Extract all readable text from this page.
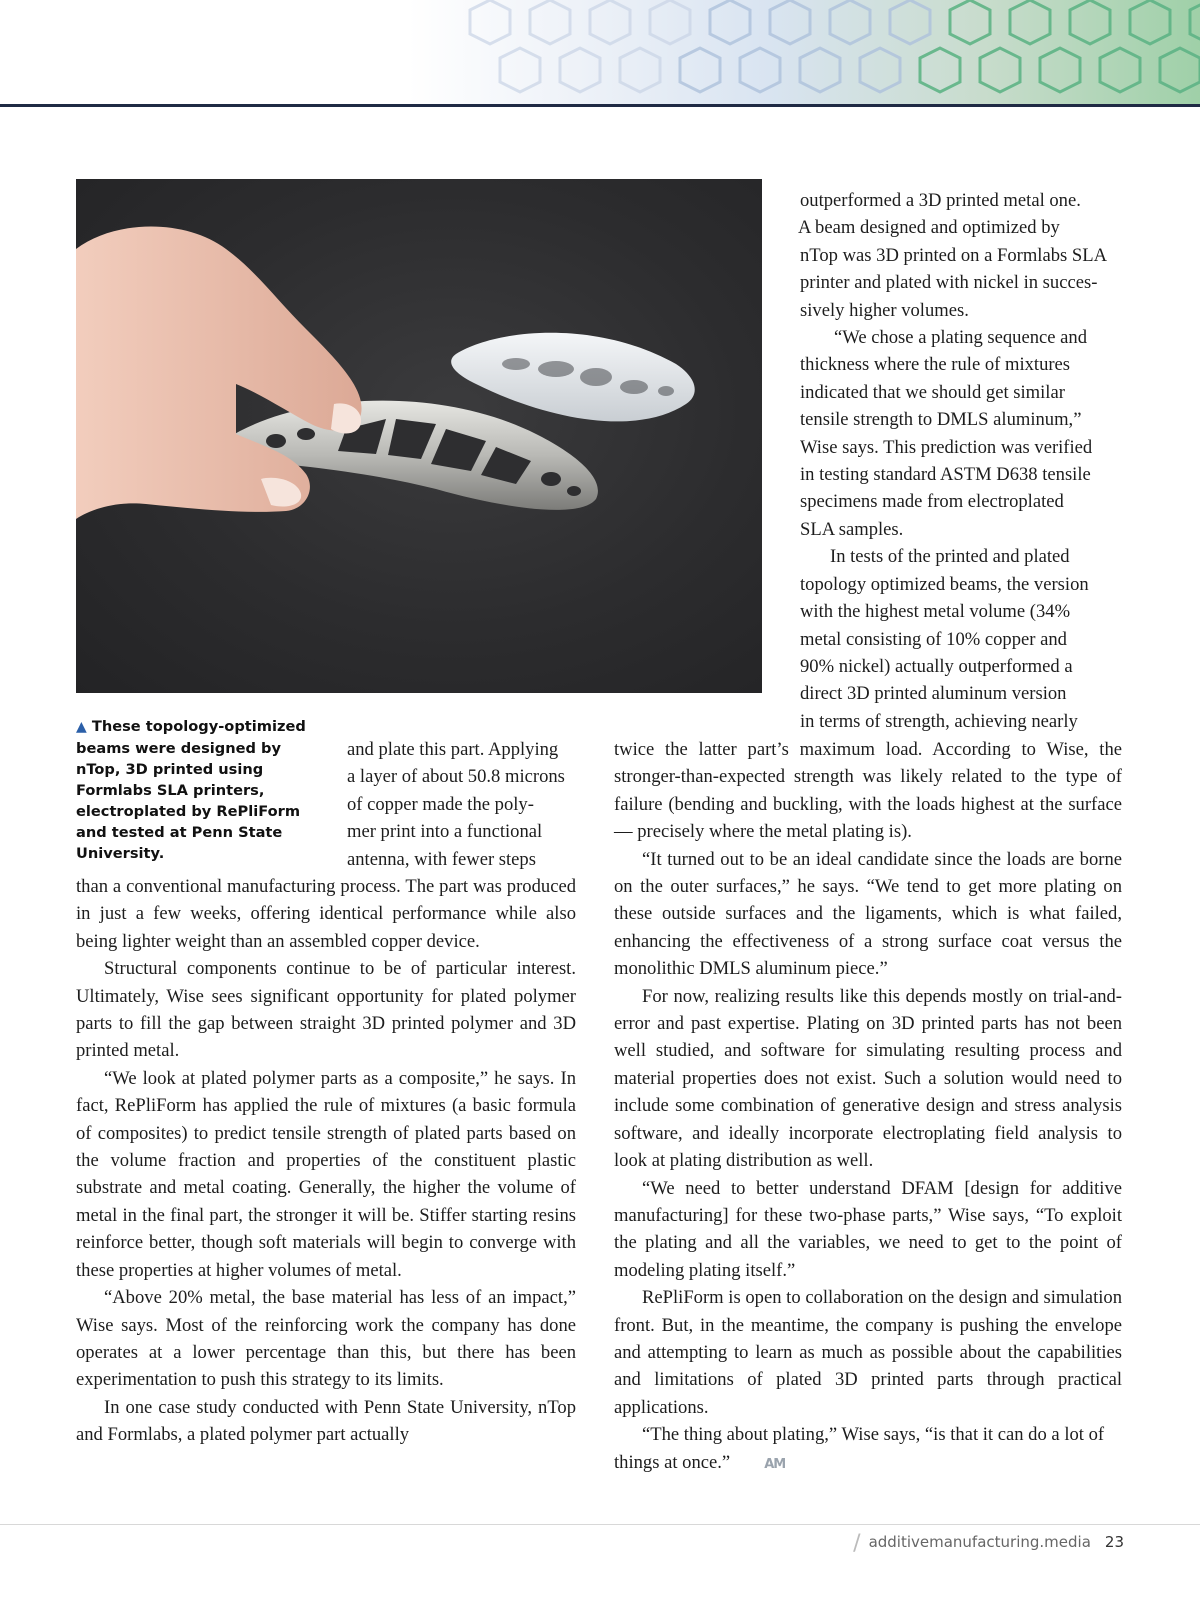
▲ These topology-optimized beams were designed by nTop, 3D printed using Formlabs SLA printers, electroplated by RePliForm and tested at Penn State University.
outperformed a 3D printed metal one.
A beam designed and optimized by
nTop was 3D printed on a Formlabs SLA
printer and plated with nickel in succes-
sively higher volumes.
“We chose a plating sequence and
thickness where the rule of mixtures
indicated that we should get similar
tensile strength to DMLS aluminum,”
Wise says. This prediction was verified
in testing standard ASTM D638 tensile
specimens made from electroplated
SLA samples.
In tests of the printed and plated
topology optimized beams, the version
with the highest metal volume (34%
metal consisting of 10% copper and
90% nickel) actually outperformed a
direct 3D printed aluminum version
in terms of strength, achieving nearly
and plate this part. Applying
a layer of about 50.8 microns
of copper made the poly-
mer print into a functional
antenna, with fewer steps

than a conventional manufacturing process. The part was produced in just a few weeks, offering identical performance while also being lighter weight than an assembled copper device.

Structural components continue to be of particular interest. Ultimately, Wise sees significant opportunity for plated polymer parts to fill the gap between straight 3D printed polymer and 3D printed metal.

“We look at plated polymer parts as a composite,” he says. In fact, RePliForm has applied the rule of mixtures (a basic formula of composites) to predict tensile strength of plated parts based on the volume fraction and properties of the constituent plastic substrate and metal coating. Generally, the higher the volume of metal in the final part, the stronger it will be. Stiffer starting resins reinforce better, though soft materials will begin to converge with these properties at higher volumes of metal.

“Above 20% metal, the base material has less of an impact,” Wise says. Most of the reinforcing work the company has done operates at a lower percentage than this, but there has been experimentation to push this strategy to its limits.

In one case study conducted with Penn State University, nTop and Formlabs, a plated polymer part actually

twice the latter part’s maximum load. According to Wise, the stronger-than-expected strength was likely related to the type of failure (bending and buckling, with the loads highest at the surface — precisely where the metal plating is).

“It turned out to be an ideal candidate since the loads are borne on the outer surfaces,” he says. “We tend to get more plating on these outside surfaces and the ligaments, which is what failed, enhancing the effectiveness of a strong surface coat versus the monolithic DMLS aluminum piece.”

For now, realizing results like this depends mostly on trial-and-error and past expertise. Plating on 3D printed parts has not been well studied, and software for simulating resulting process and material properties does not exist. Such a solution would need to include some combination of generative design and stress analysis software, and ideally incorporate electroplating field analysis to look at plating distribution as well.

“We need to better understand DFAM [design for additive manufacturing] for these two-phase parts,” Wise says, “To exploit the plating and all the variables, we need to get to the point of modeling plating itself.”

RePliForm is open to collaboration on the design and simulation front. But, in the meantime, the company is pushing the envelope and attempting to learn as much as possible about the capabilities and limitations of plated 3D printed parts through practical applications.

“The thing about plating,” Wise says, “is that it can do a lot of things at once.”	AM

/ additivemanufacturing.media 23
